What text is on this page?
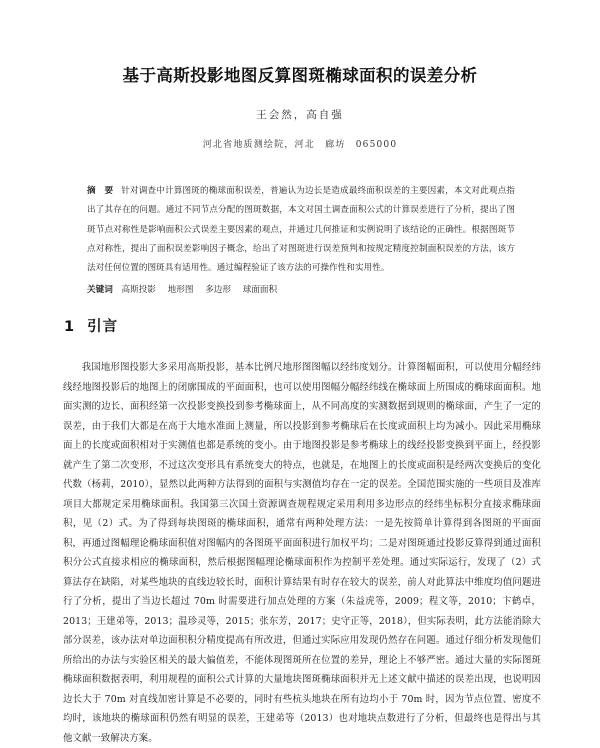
基于高斯投影地图反算图斑椭球面积的误差分析
王会然，高自强
河北省地质测绘院，河北　廊坊　065000
摘　要 针对调查中计算图斑的椭球面积误差，普遍认为边长是造成最终面积误差的主要因素，本文对此观点指出了其存在的问题。通过不同节点分配的图斑数据，本文对国土调查面积公式的计算误差进行了分析，提出了图斑节点对称性是影响面积公式误差主要因素的观点，并通过几何推证和实例说明了该结论的正确性。根据图斑节点对称性，提出了面积误差影响因子概念，给出了对图斑进行误差预判和按规定精度控制面积误差的方法，该方法对任何位置的图斑具有适用性。通过编程验证了该方法的可操作性和实用性。
关键词 高斯投影 地形图 多边形 球面面积
1 引言
我国地形图投影大多采用高斯投影，基本比例尺地形图图幅以经纬度划分。计算图幅面积，可以使用分幅经纬线经地图投影后的地图上的闭廓围成的平面面积，也可以使用图幅分幅经纬线在椭球面上所围成的椭球面面积。地面实测的边长、面积经第一次投影变换投到参考椭球面上，从不同高度的实测数据到规则的椭球面，产生了一定的误差，由于我们大都是在高于大地水准面上测量，所以投影到参考椭球后在长度或面积上均为减小。因此采用椭球面上的长度或面积相对于实测值也都是系统的变小。由于地图投影是参考椭球上的线经投影变换到平面上，经投影就产生了第二次变形，不过这次变形具有系统变大的特点，也就是，在地图上的长度或面积是经两次变换后的变化代数（杨莉，2010），显然以此两种方法得到的面积与实测值均存在一定的误差。全国范围实施的一些项目及准库项目大都规定采用椭球面积。我国第三次国土资源调查规程规定采用利用多边形点的经纬坐标积分直接求椭球面积，见（2）式。为了得到每块图斑的椭球面积，通常有两种处理方法：一是先按简单计算得到各图斑的平面面积，再通过图幅理论椭球面积值对图幅内的各图斑平面面积进行加权平均；二是对图斑通过投影反算得到通过面积积分公式直接求相应的椭球面积，然后根据图幅理论椭球面积作为控制平差处理。通过实际运行，发现了（2）式算法存在缺陷，对某些地块的直线边较长时，面积计算结果有时存在较大的误差，前人对此算法中维度均值问题进行了分析，提出了当边长超过 70m 时需要进行加点处理的方案（朱益虎等，2009；程文等，2010；卞鹤卓，2013；王建弟等，2013；温珍灵等，2015；张东芳，2017；史守正等，2018），但实际表明，此方法能消除大部分误差，该办法对单边面积积分精度提高有所改进，但通过实际应用发现仍然存在问题。通过仔细分析发现他们所给出的办法与实验区相关的最大偏值差，不能体现图斑所在位置的差异，理论上不够严密。通过大量的实际图斑椭球面积数据表明，利用规程的面积公式计算的大量地块图斑椭球面积并无上述文献中描述的误差出现，也说明因边长大于 70m 对直线加密计算是不必要的，同时有些杭头地块在所有边均小于 70m 时，因为节点位置、密度不均时，该地块的椭球面积仍然有明显的误差，王建弟等（2013）也对地块点数进行了分析，但最终也是得出与其他文献一致解决方案。
